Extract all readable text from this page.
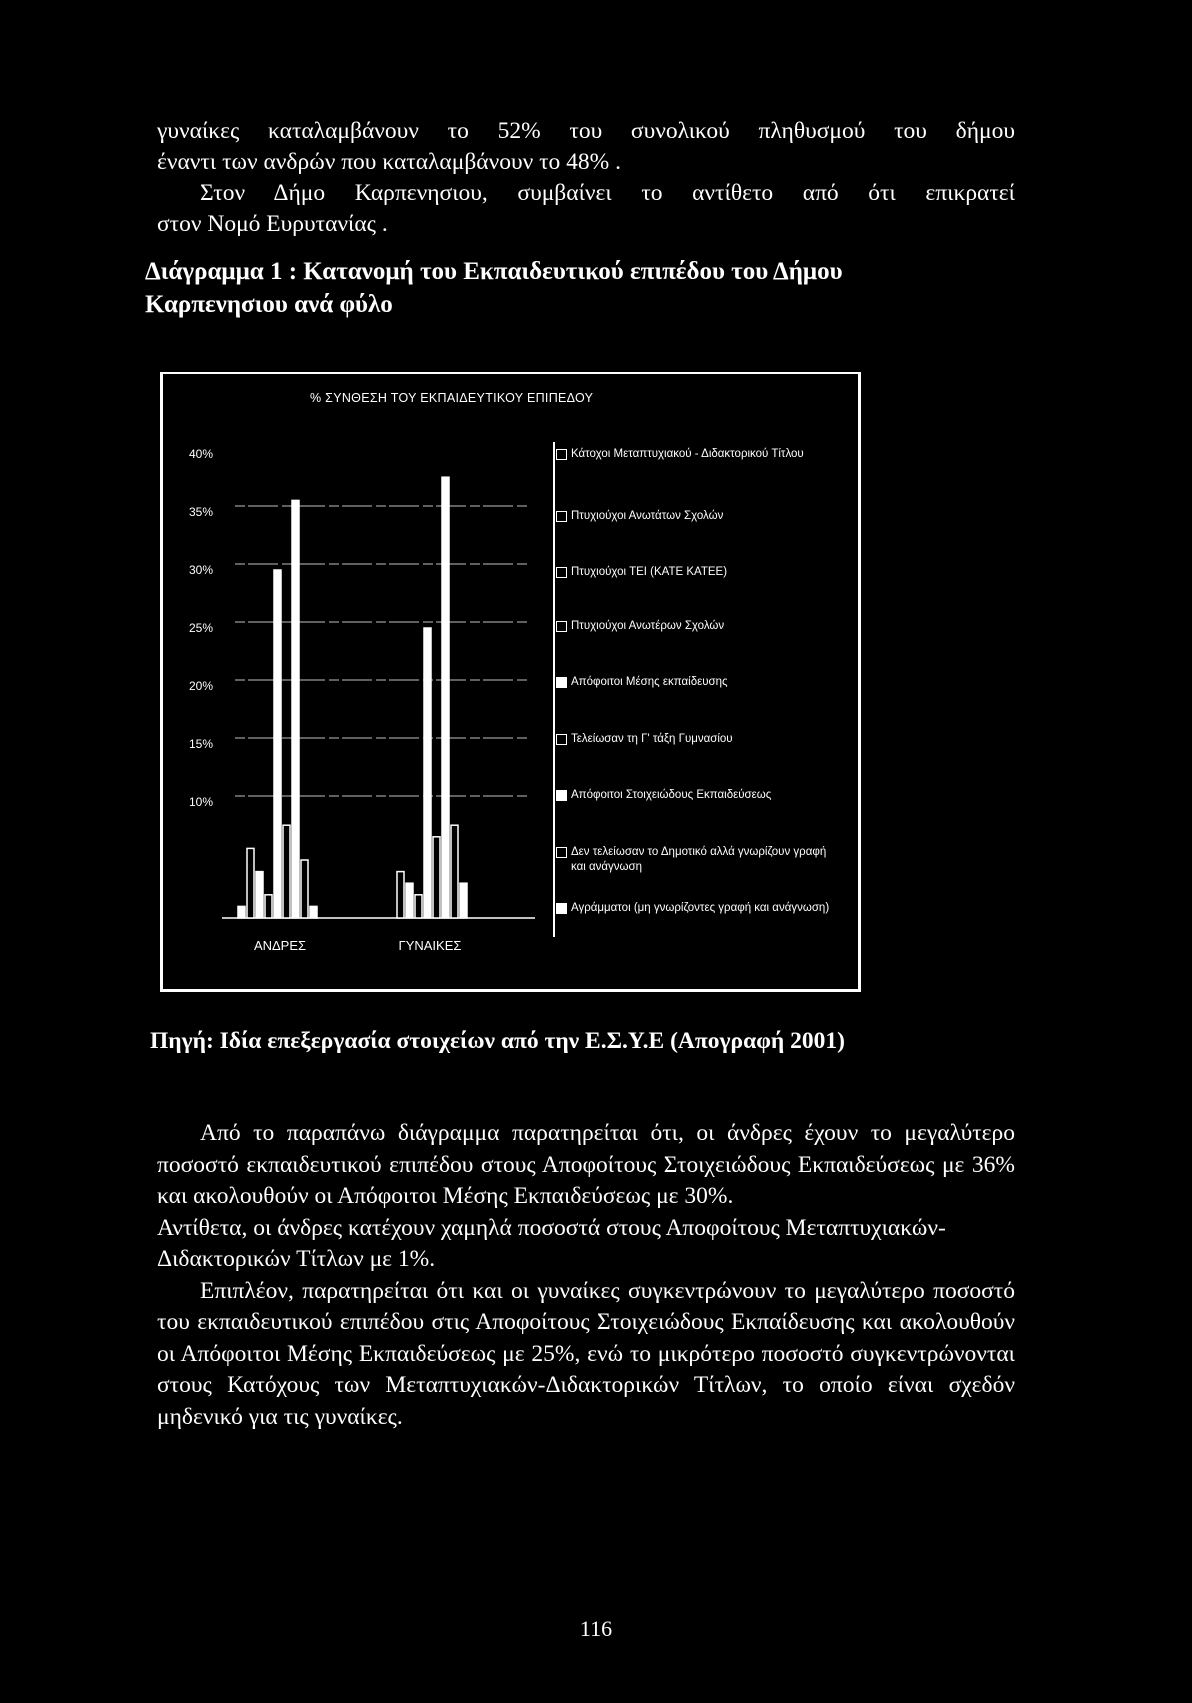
γυναίκες καταλαμβάνουν το 52% του συνολικού πληθυσμού του δήμου

έναντι των ανδρών που καταλαμβάνουν το 48% .

Στον Δήμο Καρπενησιου, συμβαίνει το αντίθετο από ότι επικρατεί

στον Νομό Ευρυτανίας .

Διάγραμμα 1 : Κατανομή του Εκπαιδευτικού επιπέδου του Δήμου
Καρπενησιου ανά φύλο
% ΣΥΝΘΕΣΗ ΤΟΥ ΕΚΠΑΙΔΕΥΤΙΚΟΥ ΕΠΙΠΕΔΟΥ
40%
35%
30%
25%
20%
15%
10%
ΑΝΔΡΕΣ	ΓΥΝΑΙΚΕΣ
Κάτοχοι Μεταπτυχιακού - Διδακτορικού Τίτλου
Πτυχιούχοι Ανωτάτων Σχολών
Πτυχιούχοι ΤΕΙ (ΚΑΤΕ ΚΑΤΕΕ)
Πτυχιούχοι Ανωτέρων Σχολών
Απόφοιτοι Μέσης εκπαίδευσης
Τελείωσαν τη Γ' τάξη Γυμνασίου
Απόφοιτοι Στοιχειώδους Εκπαιδεύσεως
Δεν τελείωσαν το Δημοτικό αλλά γνωρίζουν γραφή και ανάγνωση
Αγράμματοι (μη γνωρίζοντες γραφή και ανάγνωση)
Πηγή: Ιδία επεξεργασία στοιχείων από την Ε.Σ.Υ.Ε (Απογραφή 2001)

Από το παραπάνω διάγραμμα παρατηρείται ότι, οι άνδρες έχουν το μεγαλύτερο ποσοστό εκπαιδευτικού επιπέδου στους Αποφοίτους Στοιχειώδους Εκπαιδεύσεως με 36% και ακολουθούν οι Απόφοιτοι Μέσης Εκπαιδεύσεως με 30%.

Αντίθετα, οι άνδρες κατέχουν χαμηλά ποσοστά στους Αποφοίτους Μεταπτυχιακών-Διδακτορικών Τίτλων με 1%.

Επιπλέον, παρατηρείται ότι και οι γυναίκες συγκεντρώνουν το μεγαλύτερο ποσοστό του εκπαιδευτικού επιπέδου στις Αποφοίτους Στοιχειώδους Εκπαίδευσης και ακολουθούν οι Απόφοιτοι Μέσης Εκπαιδεύσεως με 25%, ενώ το μικρότερο ποσοστό συγκεντρώνονται στους Κατόχους των Μεταπτυχιακών-Διδακτορικών Τίτλων, το οποίο είναι σχεδόν μηδενικό για τις γυναίκες.

116
